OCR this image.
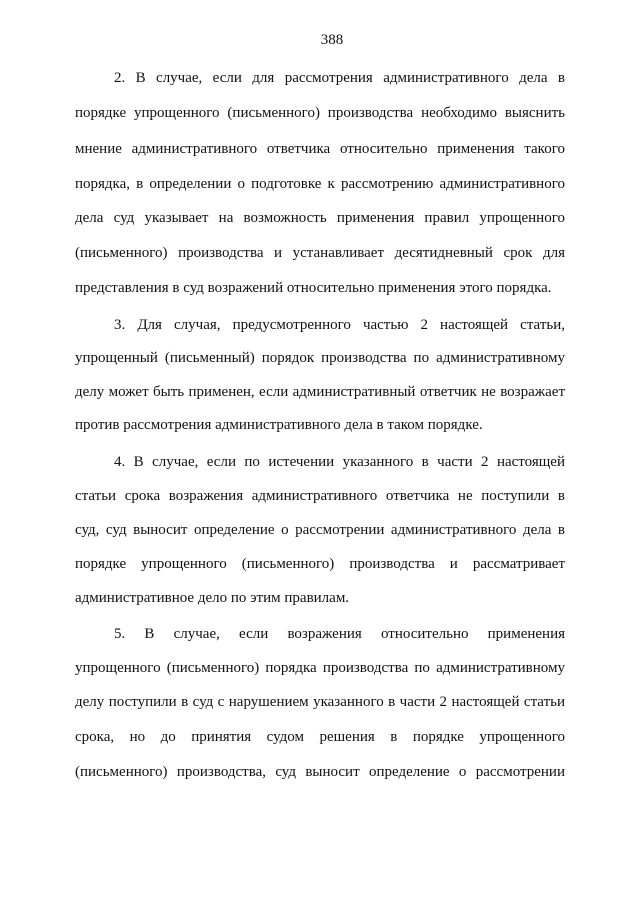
388
2. В случае, если для рассмотрения административного дела в
порядке упрощенного (письменного) производства необходимо выяснить
мнение административного ответчика относительно применения такого
порядка, в определении о подготовке к рассмотрению административного
дела суд указывает на возможность применения правил упрощенного
(письменного) производства и устанавливает десятидневный срок для
представления в суд возражений относительно применения этого порядка.
3. Для случая, предусмотренного частью 2 настоящей статьи,
упрощенный (письменный) порядок производства по административному
делу может быть применен, если административный ответчик не возражает
против рассмотрения административного дела в таком порядке.
4. В случае, если по истечении указанного в части 2 настоящей
статьи срока возражения административного ответчика не поступили в
суд, суд выносит определение о рассмотрении административного дела в
порядке упрощенного (письменного) производства и рассматривает
административное дело по этим правилам.
5. В случае, если возражения относительно применения
упрощенного (письменного) порядка производства по административному
делу поступили в суд с нарушением указанного в части 2 настоящей статьи
срока, но до принятия судом решения в порядке упрощенного
(письменного) производства, суд выносит определение о рассмотрении
